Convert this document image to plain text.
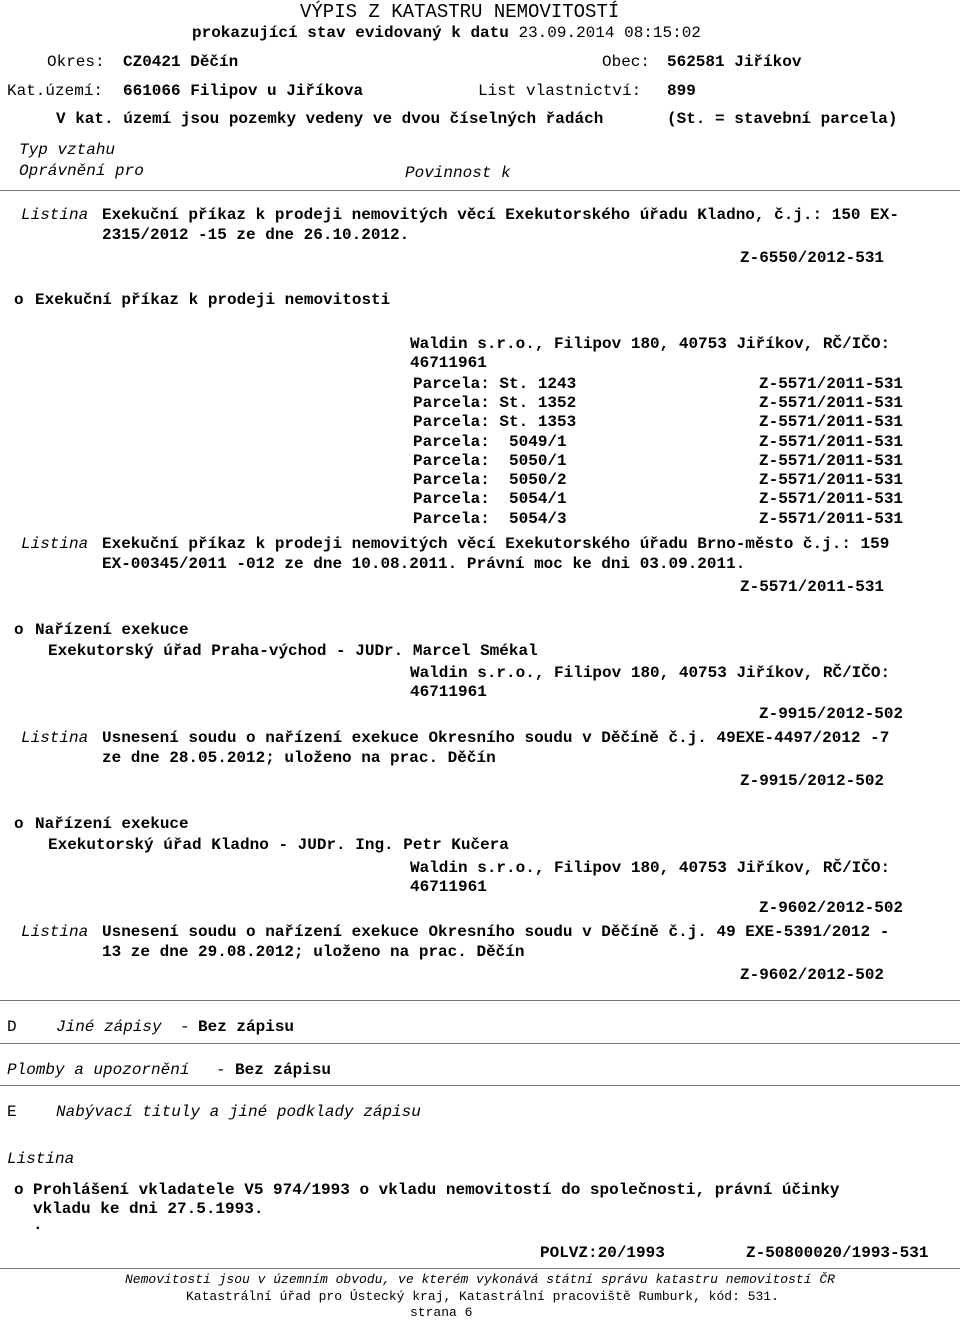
VÝPIS Z KATASTRU NEMOVITOSTÍ
prokazující stav evidovaný k datu 23.09.2014 08:15:02
Okres: CZ0421 Děčín	Obec: 562581 Jiříkov
Kat.území: 661066 Filipov u Jiříkova	List vlastnictví: 899
V kat. území jsou pozemky vedeny ve dvou číselných řadách	(St. = stavební parcela)
Typ vztahu
Oprávnění pro	Povinnost k
Listina Exekuční příkaz k prodeji nemovitých věcí Exekutorského úřadu Kladno, č.j.: 150 EX-
2315/2012 -15 ze dne 26.10.2012.
Z-6550/2012-531
o Exekuční příkaz k prodeji nemovitosti
Waldin s.r.o., Filipov 180, 40753 Jiříkov, RČ/IČO:
46711961
Parcela: St. 1243	Z-5571/2011-531
Parcela: St. 1352	Z-5571/2011-531
Parcela: St. 1353	Z-5571/2011-531
Parcela:  5049/1	Z-5571/2011-531
Parcela:  5050/1	Z-5571/2011-531
Parcela:  5050/2	Z-5571/2011-531
Parcela:  5054/1	Z-5571/2011-531
Parcela:  5054/3	Z-5571/2011-531
Listina Exekuční příkaz k prodeji nemovitých věcí Exekutorského úřadu Brno-město č.j.: 159
EX-00345/2011 -012 ze dne 10.08.2011. Právní moc ke dni 03.09.2011.
Z-5571/2011-531
o Nařízení exekuce
Exekutorský úřad Praha-východ - JUDr. Marcel Smékal
Waldin s.r.o., Filipov 180, 40753 Jiříkov, RČ/IČO:
46711961
Z-9915/2012-502
Listina Usnesení soudu o nařízení exekuce Okresního soudu v Děčíně č.j. 49EXE-4497/2012 -7
ze dne 28.05.2012; uloženo na prac. Děčín
Z-9915/2012-502
o Nařízení exekuce
Exekutorský úřad Kladno - JUDr. Ing. Petr Kučera
Waldin s.r.o., Filipov 180, 40753 Jiříkov, RČ/IČO:
46711961
Z-9602/2012-502
Listina Usnesení soudu o nařízení exekuce Okresního soudu v Děčíně č.j. 49 EXE-5391/2012 -
13 ze dne 29.08.2012; uloženo na prac. Děčín
Z-9602/2012-502
D Jiné zápisy - Bez zápisu
Plomby a upozornění - Bez zápisu
E Nabývací tituly a jiné podklady zápisu
Listina
o Prohlášení vkladatele V5 974/1993 o vkladu nemovitostí do společnosti, právní účinky
vkladu ke dni 27.5.1993.
.
POLVZ:20/1993	Z-50800020/1993-531
Nemovitosti jsou v územním obvodu, ve kterém vykonává státní správu katastru nemovitostí ČR
Katastrální úřad pro Ústecký kraj, Katastrální pracoviště Rumburk, kód: 531.
strana 6
